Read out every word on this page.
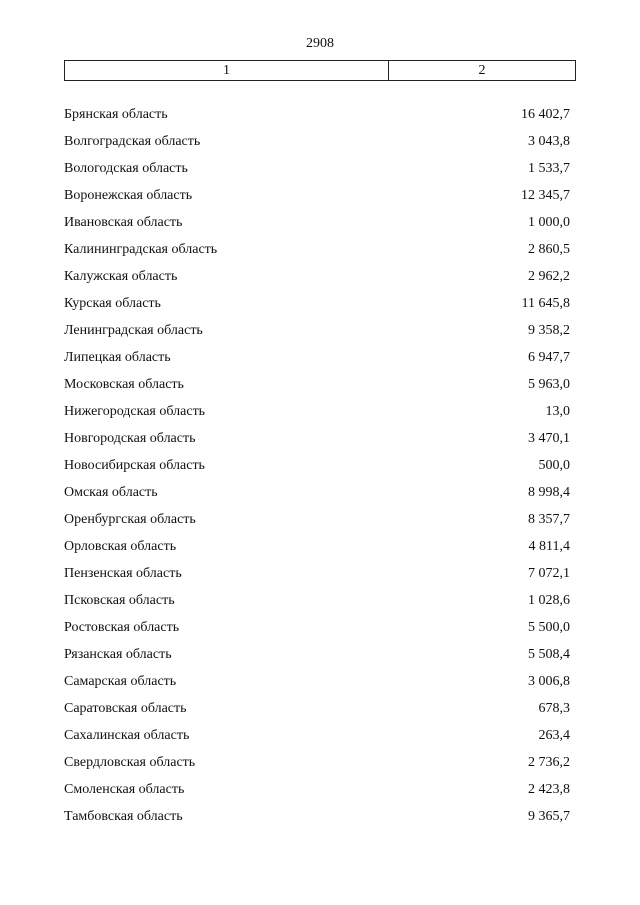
2908
1	2
Брянская область	16 402,7
Волгоградская область	3 043,8
Вологодская область	1 533,7
Воронежская область	12 345,7
Ивановская область	1 000,0
Калининградская область	2 860,5
Калужская область	2 962,2
Курская область	11 645,8
Ленинградская область	9 358,2
Липецкая область	6 947,7
Московская область	5 963,0
Нижегородская область	13,0
Новгородская область	3 470,1
Новосибирская область	500,0
Омская область	8 998,4
Оренбургская область	8 357,7
Орловская область	4 811,4
Пензенская область	7 072,1
Псковская область	1 028,6
Ростовская область	5 500,0
Рязанская область	5 508,4
Самарская область	3 006,8
Саратовская область	678,3
Сахалинская область	263,4
Свердловская область	2 736,2
Смоленская область	2 423,8
Тамбовская область	9 365,7
